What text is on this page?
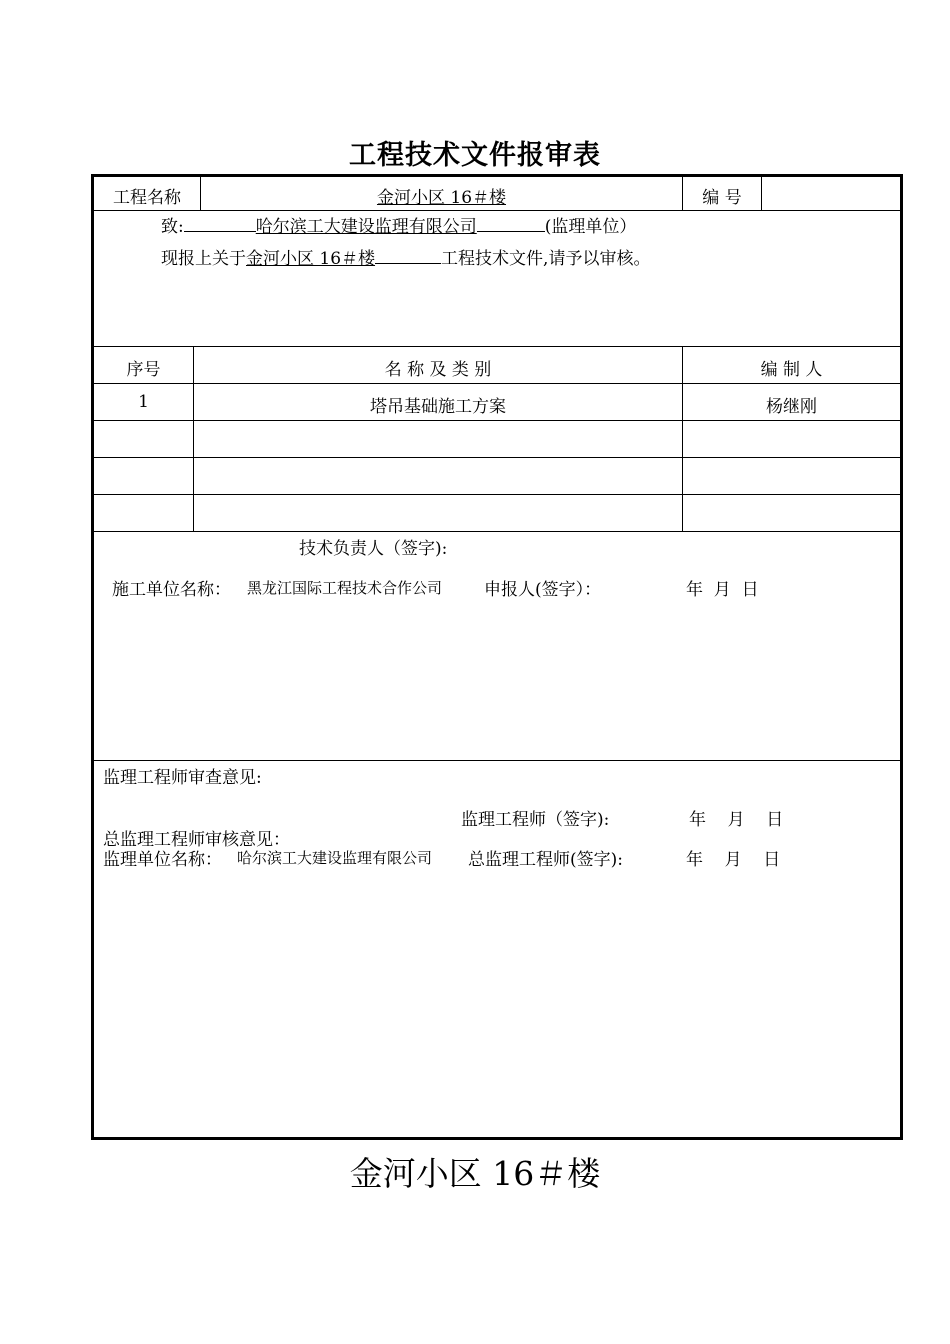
工程技术文件报审表
工程名称	金河小区 16＃楼	编 号
致:	哈尔滨工大建设监理有限公司	(监理单位）
现报上关于金河小区 16＃楼	工程技术文件,请予以审核。
序号	名 称 及 类 别	编 制 人
1	塔吊基础施工方案	杨继刚
技术负责人（签字):
施工单位名称： 黑龙江国际工程技术合作公司 申报人(签字）：	年  月  日
监理工程师审查意见:
监理工程师（签字):	年    月    日
总监理工程师审核意见：
监理单位名称： 哈尔滨工大建设监理有限公司 总监理工程师(签字):	年    月    日
金河小区 16＃楼
